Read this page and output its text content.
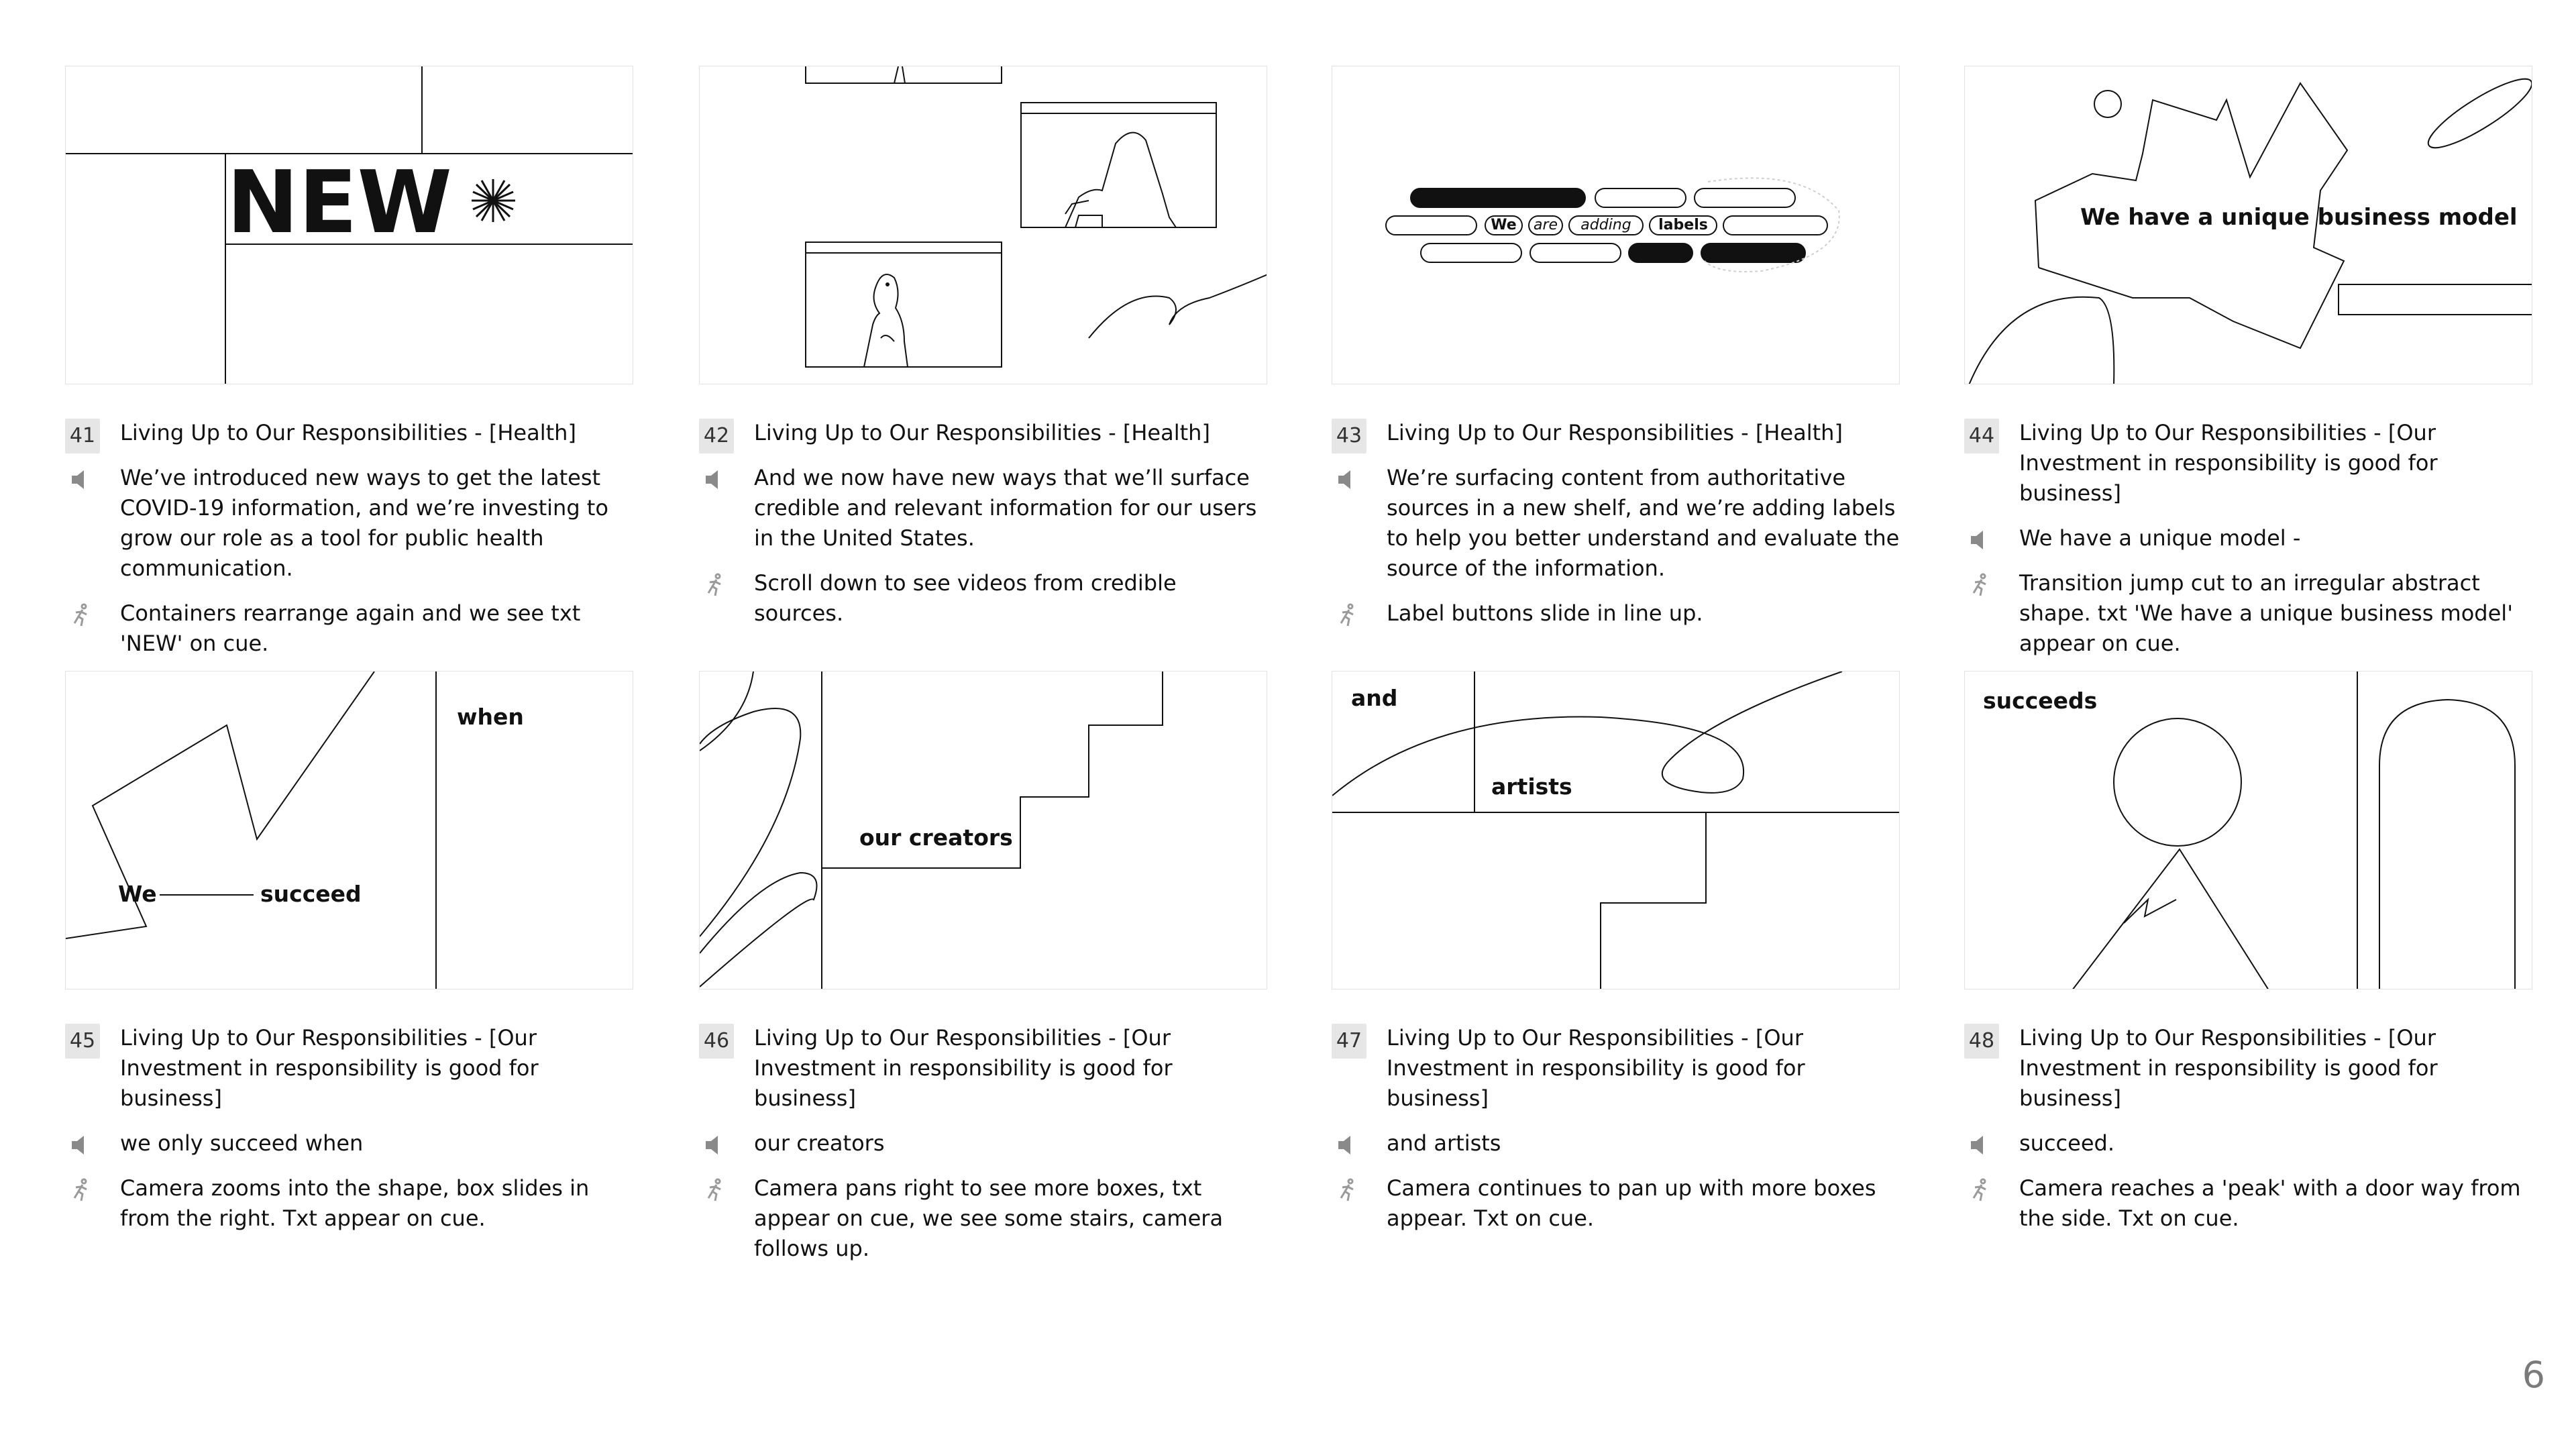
NEW
41 Living Up to Our Responsibilities - [Health]
We’ve introduced new ways to get the latest COVID-19 information, and we’re investing to grow our role as a tool for public health communication.
Containers rearrange again and we see txt 'NEW' on cue.
42 Living Up to Our Responsibilities - [Health]
And we now have new ways that we’ll surface credible and relevant information for our users in the United States.
Scroll down to see videos from credible sources.
We	are	adding	labels
43 Living Up to Our Responsibilities - [Health]
We’re surfacing content from authoritative sources in a new shelf, and we’re adding labels to help you better understand and evaluate the source of the information.
Label buttons slide in line up.
We have a unique business model
44 Living Up to Our Responsibilities - [Our Investment in responsibility is good for business]
We have a unique model -
Transition jump cut to an irregular abstract shape. txt 'We have a unique business model' appear on cue.
when
We	succeed
45 Living Up to Our Responsibilities - [Our Investment in responsibility is good for business]
we only succeed when
Camera zooms into the shape, box slides in from the right. Txt appear on cue.
our creators
46 Living Up to Our Responsibilities - [Our Investment in responsibility is good for business]
our creators
Camera pans right to see more boxes, txt appear on cue, we see some stairs, camera follows up.
and
artists
47 Living Up to Our Responsibilities - [Our Investment in responsibility is good for business]
and artists
Camera continues to pan up with more boxes appear. Txt on cue.
succeeds
48 Living Up to Our Responsibilities - [Our Investment in responsibility is good for business]
succeed.
Camera reaches a 'peak' with a door way from the side. Txt on cue.
6
